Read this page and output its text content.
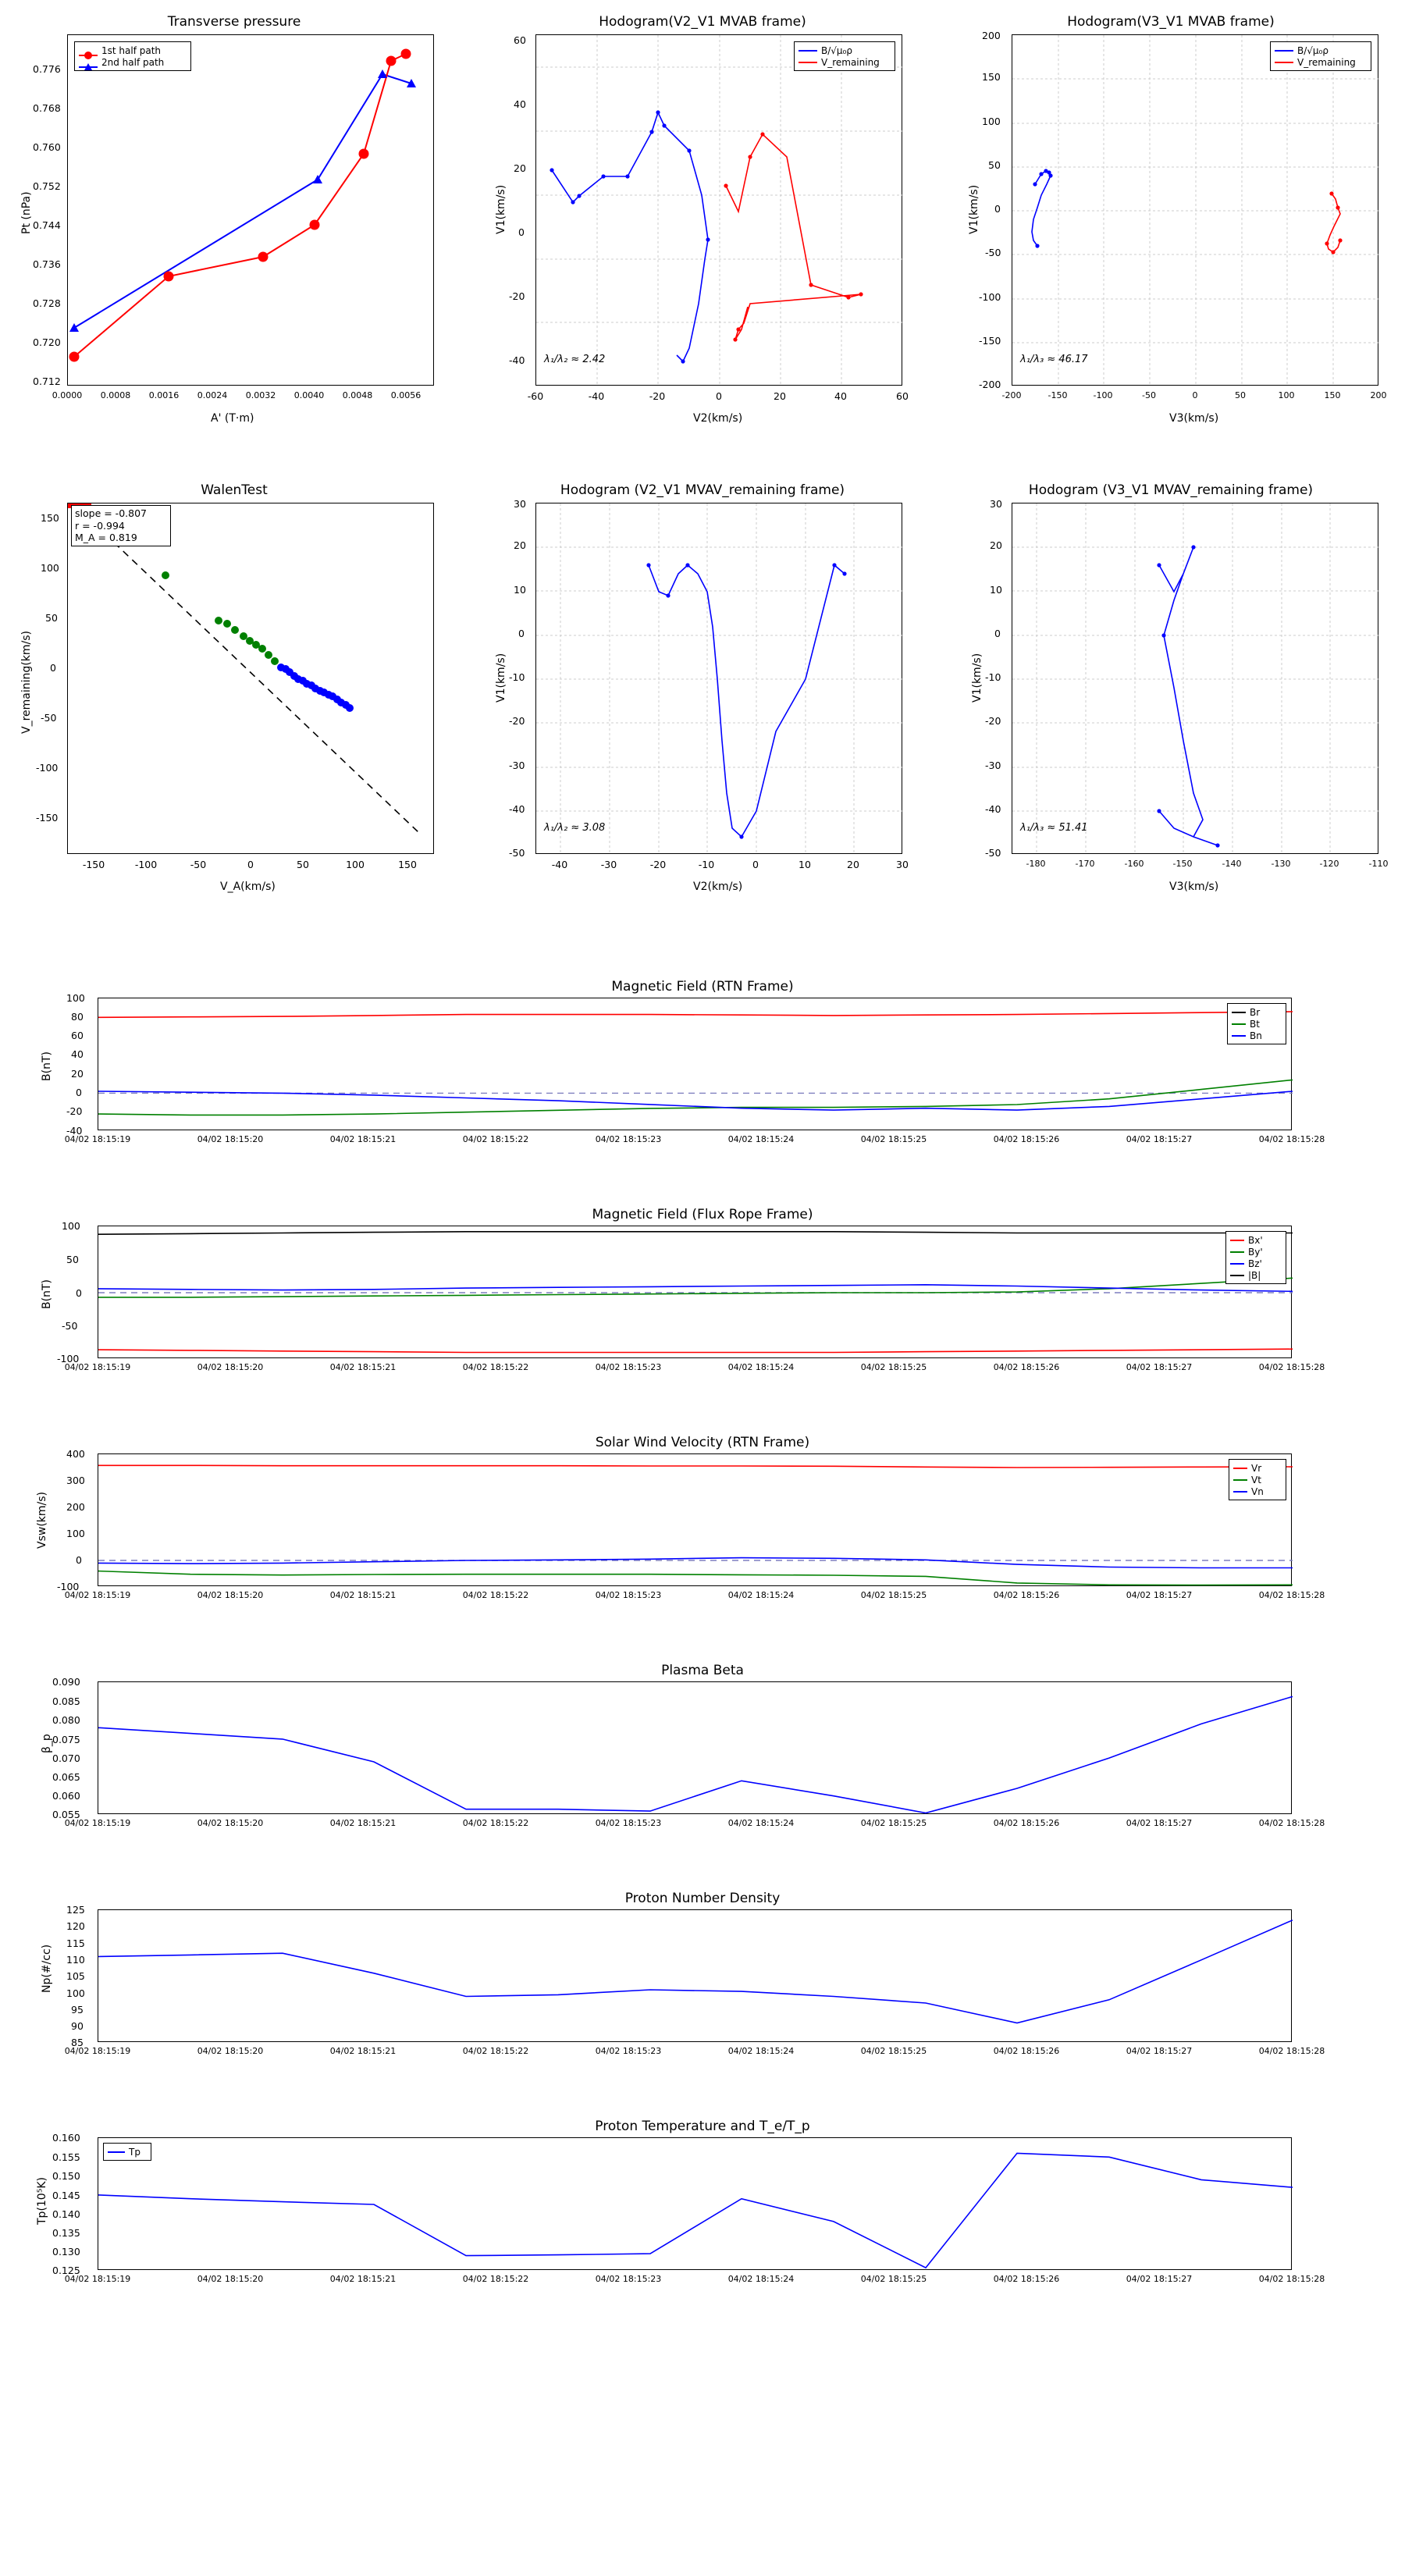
Transverse pressure
1st half path
2nd half path
Pt (nPa)
A' (T·m)
0.712
0.720
0.728
0.736
0.744
0.752
0.760
0.768
0.776
0.0000	0.0008	0.0016	0.0024	0.0032	0.0040	0.0048	0.0056
Hodogram(V2_V1 MVAB frame)
B/√μ₀ρ
V_remaining
λ₁/λ₂ ≈ 2.42
V1(km/s)
V2(km/s)
-40
-20
0
20
40
60
-60	-40	-20	0	20	40	60
Hodogram(V3_V1 MVAB frame)
B/√μ₀ρ
V_remaining
λ₁/λ₃ ≈ 46.17
V1(km/s)
V3(km/s)
-200
-150
-100
-50
0
50
100
150
200
-200	-150	-100	-50	0	50	100	150	200
WalenTest
slope = -0.807
r = -0.994
M_A = 0.819
V_remaining(km/s)
V_A(km/s)
-150
-100
-50
0
50
100
150
-150	-100	-50	0	50	100	150
Hodogram (V2_V1 MVAV_remaining frame)
λ₁/λ₂ ≈ 3.08
V1(km/s)
V2(km/s)
-50
-40
-30
-20
-10
0
10
20
30
-40	-30	-20	-10	0	10	20	30
Hodogram (V3_V1 MVAV_remaining frame)
λ₁/λ₃ ≈ 51.41
V1(km/s)
V3(km/s)
-50
-40
-30
-20
-10
0
10
20
30
-180	-170	-160	-150	-140	-130	-120	-110
Magnetic Field (RTN Frame)
Br
Bt
Bn
B(nT)
-40
-20
0
20
40
60
80
100
04/02 18:15:19	04/02 18:15:20	04/02 18:15:21	04/02 18:15:22	04/02 18:15:23	04/02 18:15:24	04/02 18:15:25	04/02 18:15:26	04/02 18:15:27	04/02 18:15:28
Magnetic Field (Flux Rope Frame)
Bx'
By'
Bz'
|B|
B(nT)
-100
-50
0
50
100
04/02 18:15:19	04/02 18:15:20	04/02 18:15:21	04/02 18:15:22	04/02 18:15:23	04/02 18:15:24	04/02 18:15:25	04/02 18:15:26	04/02 18:15:27	04/02 18:15:28
Solar Wind Velocity (RTN Frame)
Vr
Vt
Vn
Vsw(km/s)
-100
0
100
200
300
400
04/02 18:15:19	04/02 18:15:20	04/02 18:15:21	04/02 18:15:22	04/02 18:15:23	04/02 18:15:24	04/02 18:15:25	04/02 18:15:26	04/02 18:15:27	04/02 18:15:28
Plasma Beta
β_p
0.055
0.060
0.065
0.070
0.075
0.080
0.085
0.090
04/02 18:15:19	04/02 18:15:20	04/02 18:15:21	04/02 18:15:22	04/02 18:15:23	04/02 18:15:24	04/02 18:15:25	04/02 18:15:26	04/02 18:15:27	04/02 18:15:28
Proton Number Density
Np(#/cc)
85
90
95
100
105
110
115
120
125
04/02 18:15:19	04/02 18:15:20	04/02 18:15:21	04/02 18:15:22	04/02 18:15:23	04/02 18:15:24	04/02 18:15:25	04/02 18:15:26	04/02 18:15:27	04/02 18:15:28
Proton Temperature and T_e/T_p
Tp
Tp(10⁵K)
0.125
0.130
0.135
0.140
0.145
0.150
0.155
0.160
04/02 18:15:19	04/02 18:15:20	04/02 18:15:21	04/02 18:15:22	04/02 18:15:23	04/02 18:15:24	04/02 18:15:25	04/02 18:15:26	04/02 18:15:27	04/02 18:15:28
